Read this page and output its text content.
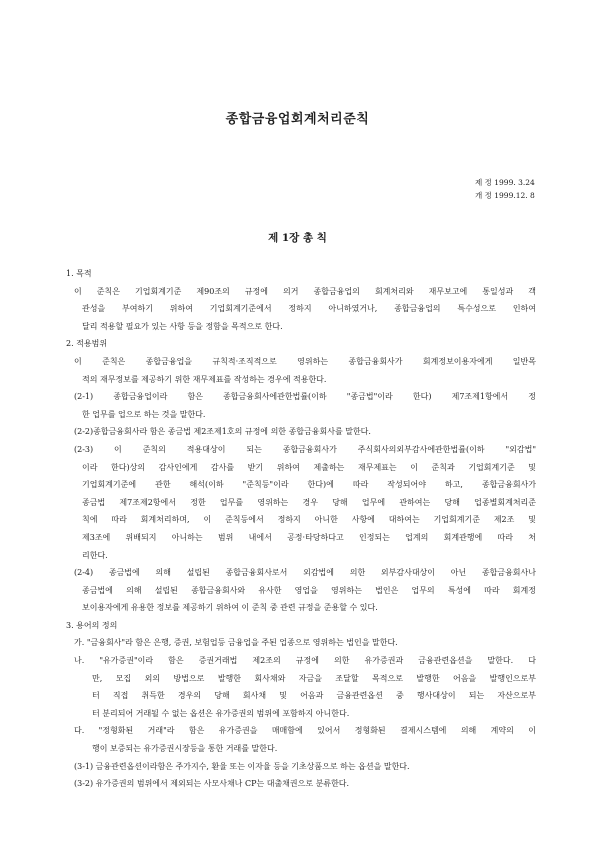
종합금융업회계처리준칙
제 정 1999. 3.24
개 정 1999.12. 8
제 1장 총 칙
1. 목적
이 준칙은 기업회계기준 제90조의 규정에 의거 종합금융업의 회계처리와 재무보고에 통일성과 객
관성을 부여하기 위하여 기업회계기준에서 정하지 아니하였거나, 종합금융업의 특수성으로 인하여
달리 적용할 필요가 있는 사항 등을 정함을 목적으로 한다.
2. 적용범위
이 준칙은 종합금융업을 규칙적·조직적으로 영위하는 종합금융회사가 회계정보이용자에게 일반목
적의 재무정보를 제공하기 위한 재무제표를 작성하는 경우에 적용한다.
(2-1) 종합금융업이라 함은 종합금융회사에관한법률(이하 "종금법"이라 한다) 제7조제1항에서 정
한 업무를 업으로 하는 것을 말한다.
(2-2)종합금융회사라 함은 종금법 제2조제1호의 규정에 의한 종합금융회사를 말한다.
(2-3) 이 준칙의 적용대상이 되는 종합금융회사가 주식회사의외부감사에관한법률(이하 "외감법"
이라 한다)상의 감사인에게 감사를 받기 위하여 제출하는 재무제표는 이 준칙과 기업회계기준 및
기업회계기준에 관한 해석(이하 "준칙등"이라 한다)에 따라 작성되어야 하고, 종합금융회사가
종금법 제7조제2항에서 정한 업무를 영위하는 경우 당해 업무에 관하여는 당해 업종별회계처리준
칙에 따라 회계처리하며, 이 준칙등에서 정하지 아니한 사항에 대하여는 기업회계기준 제2조 및
제3조에 위배되지 아니하는 범위 내에서 공정·타당하다고 인정되는 업계의 회계관행에 따라 처
리한다.
(2-4) 종금법에 의해 설립된 종합금융회사로서 외감법에 의한 외부감사대상이 아닌 종합금융회사나
종금법에 의해 설립된 종합금융회사와 유사한 영업을 영위하는 법인은 업무의 특성에 따라 회계정
보이용자에게 유용한 정보를 제공하기 위하여 이 준칙 중 관련 규정을 준용할 수 있다.
3. 용어의 정의
가. "금융회사"라 함은 은행, 증권, 보험업등 금융업을 주된 업종으로 영위하는 법인을 말한다.
나. "유가증권"이라 함은 증권거래법 제2조의 규정에 의한 유가증권과 금융관련옵션을 말한다. 다
만, 모집 외의 방법으로 발행한 회사채와 자금을 조달할 목적으로 발행한 어음을 발행인으로부
터 직접 취득한 경우의 당해 회사채 및 어음과 금융관련옵션 중 행사대상이 되는 자산으로부
터 분리되어 거래될 수 없는 옵션은 유가증권의 범위에 포함하지 아니한다.
다. "정형화된 거래"라 함은 유가증권을 매매함에 있어서 정형화된 결제시스템에 의해 계약의 이
행이 보증되는 유가증권시장등을 통한 거래를 말한다.
(3-1) 금융관련옵션이라함은 주가지수, 환율 또는 이자율 등을 기초상품으로 하는 옵션을 말한다.
(3-2) 유가증권의 범위에서 제외되는 사모사채나 CP는 대출채권으로 분류한다.
